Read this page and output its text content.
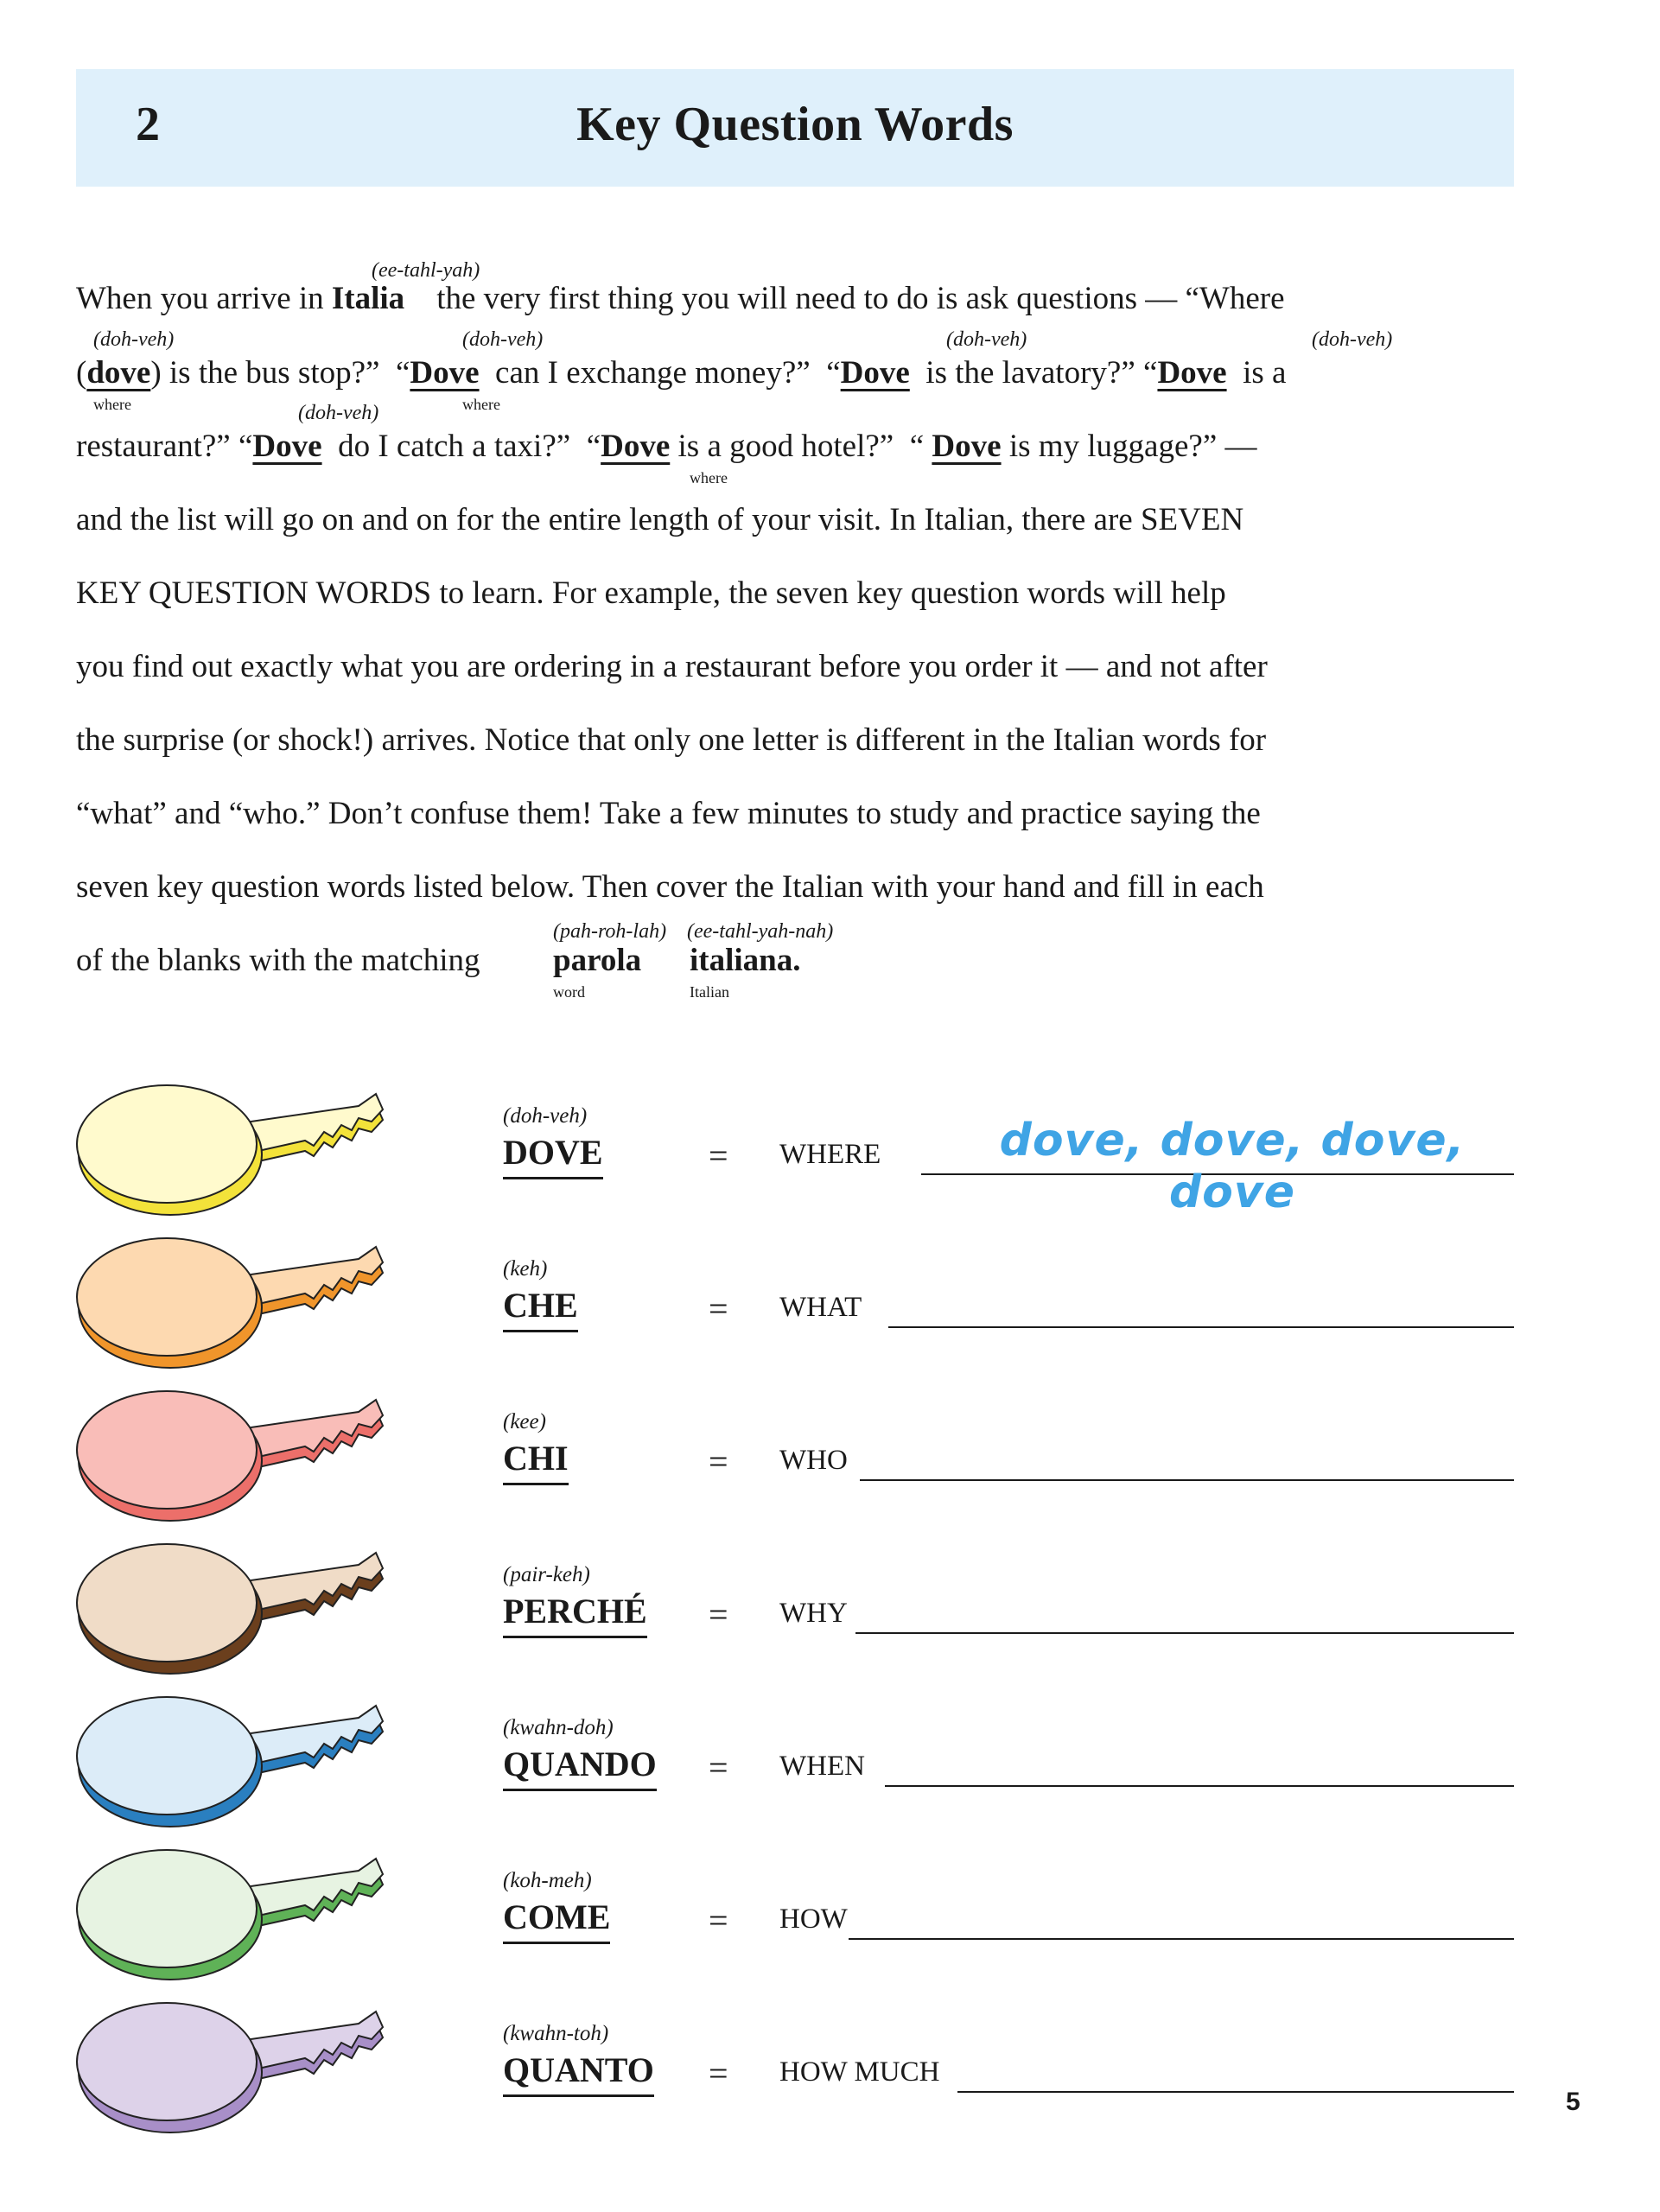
2	Key Question Words
(ee-tahl-yah)
When you arrive in Italia the very first thing you will need to do is ask questions — “Where
(doh-veh)	(doh-veh)	(doh-veh)	(doh-veh)
(dove) is the bus stop?” “Dove can I exchange money?” “Dove is the lavatory?” “Dove is a
where	where
(doh-veh)
restaurant?” “Dove do I catch a taxi?” “Dove is a good hotel?” “ Dove is my luggage?” —
where
and the list will go on and on for the entire length of your visit. In Italian, there are SEVEN
KEY QUESTION WORDS to learn. For example, the seven key question words will help
you find out exactly what you are ordering in a restaurant before you order it — and not after
the surprise (or shock!) arrives. Notice that only one letter is different in the Italian words for
“what” and “who.” Don’t confuse them! Take a few minutes to study and practice saying the
seven key question words listed below. Then cover the Italian with your hand and fill in each
(pah-roh-lah) (ee-tahl-yah-nah)
of the blanks with the matching parola italiana.
word	Italian
(doh-veh)
DOVE	= WHERE
(keh)
CHE	= WHAT
(kee)
CHI	= WHO
(pair-keh)
PERCHÉ = WHY
(kwahn-doh)
QUANDO = WHEN
(koh-meh)
COME	= HOW
(kwahn-toh)
QUANTO = HOW MUCH
dove, dove, dove, dove
5
